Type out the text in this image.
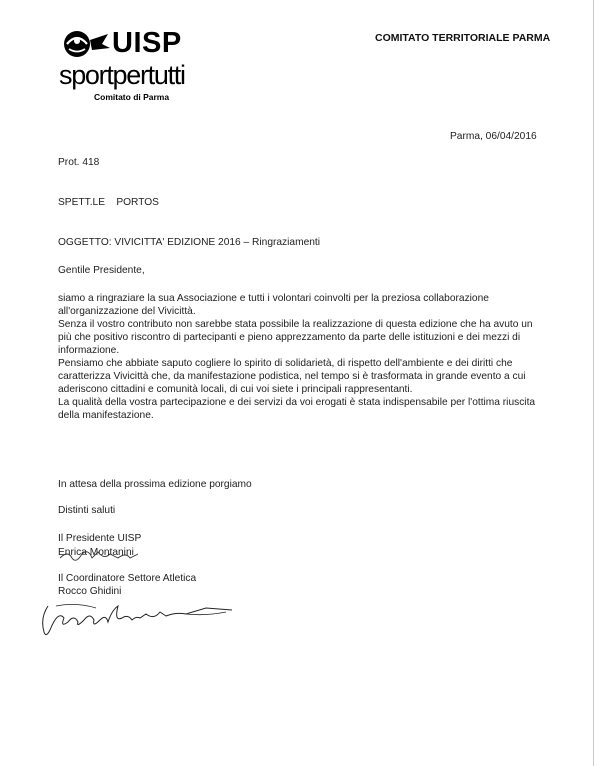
UISP
sportpertutti
Comitato di Parma
COMITATO TERRITORIALE PARMA
Parma, 06/04/2016
Prot. 418
SPETT.LE    PORTOS
OGGETTO: VIVICITTA' EDIZIONE 2016 – Ringraziamenti
Gentile Presidente,

siamo a ringraziare la sua Associazione e tutti i volontari coinvolti per la preziosa collaborazione all'organizzazione del Vivicittà.

Senza il vostro contributo non sarebbe stata possibile la realizzazione di questa edizione che ha avuto un più che positivo riscontro di partecipanti e pieno apprezzamento da parte delle istituzioni e dei mezzi di informazione.

Pensiamo che abbiate saputo cogliere lo spirito di solidarietà, di rispetto dell'ambiente e dei diritti che caratterizza Vivicittà che, da manifestazione podistica, nel tempo si è trasformata in grande evento a cui aderiscono cittadini e comunità locali, di cui voi siete i principali rappresentanti.

La qualità della vostra partecipazione e dei servizi da voi erogati è stata indispensabile per l'ottima riuscita della manifestazione.

In attesa della prossima edizione porgiamo
Distinti saluti
Il Presidente UISP
Enrica Montanini
Il Coordinatore Settore Atletica
Rocco Ghidini
